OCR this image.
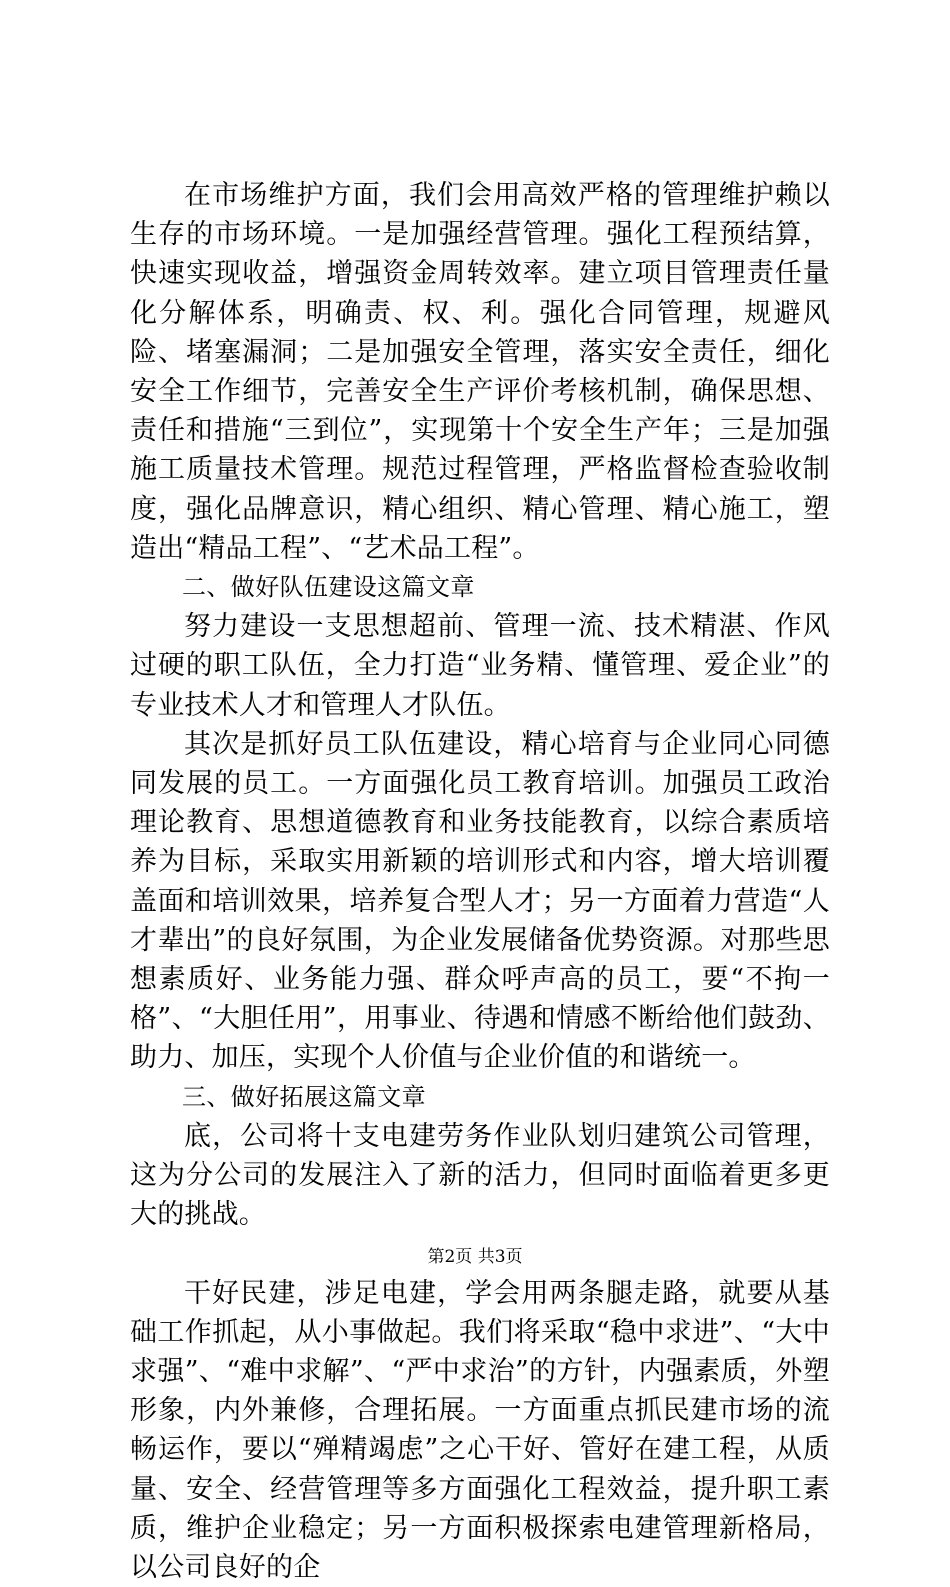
在市场维护方面，我们会用高效严格的管理维护赖以生存的市场环境。一是加强经营管理。强化工程预结算，快速实现收益，增强资金周转效率。建立项目管理责任量化分解体系，明确责、权、利。强化合同管理，规避风险、堵塞漏洞；二是加强安全管理，落实安全责任，细化安全工作细节，完善安全生产评价考核机制，确保思想、责任和措施“三到位”，实现第十个安全生产年；三是加强施工质量技术管理。规范过程管理，严格监督检查验收制度，强化品牌意识，精心组织、精心管理、精心施工，塑造出“精品工程”、“艺术品工程”。

二、做好队伍建设这篇文章

努力建设一支思想超前、管理一流、技术精湛、作风过硬的职工队伍，全力打造“业务精、懂管理、爱企业”的专业技术人才和管理人才队伍。

其次是抓好员工队伍建设，精心培育与企业同心同德同发展的员工。一方面强化员工教育培训。加强员工政治理论教育、思想道德教育和业务技能教育，以综合素质培养为目标，采取实用新颖的培训形式和内容，增大培训覆盖面和培训效果，培养复合型人才；另一方面着力营造“人才辈出”的良好氛围，为企业发展储备优势资源。对那些思想素质好、业务能力强、群众呼声高的员工，要“不拘一格”、“大胆任用”，用事业、待遇和情感不断给他们鼓劲、助力、加压，实现个人价值与企业价值的和谐统一。

三、做好拓展这篇文章

底，公司将十支电建劳务作业队划归建筑公司管理，这为分公司的发展注入了新的活力，但同时面临着更多更大的挑战。

干好民建，涉足电建，学会用两条腿走路，就要从基础工作抓起，从小事做起。我们将采取“稳中求进”、“大中求强”、“难中求解”、“严中求治”的方针，内强素质，外塑形象，内外兼修，合理拓展。一方面重点抓民建市场的流畅运作，要以“殚精竭虑”之心干好、管好在建工程，从质量、安全、经营管理等多方面强化工程效益，提升职工素质，维护企业稳定；另一方面积极探索电建管理新格局，以公司良好的企

第2页 共3页
